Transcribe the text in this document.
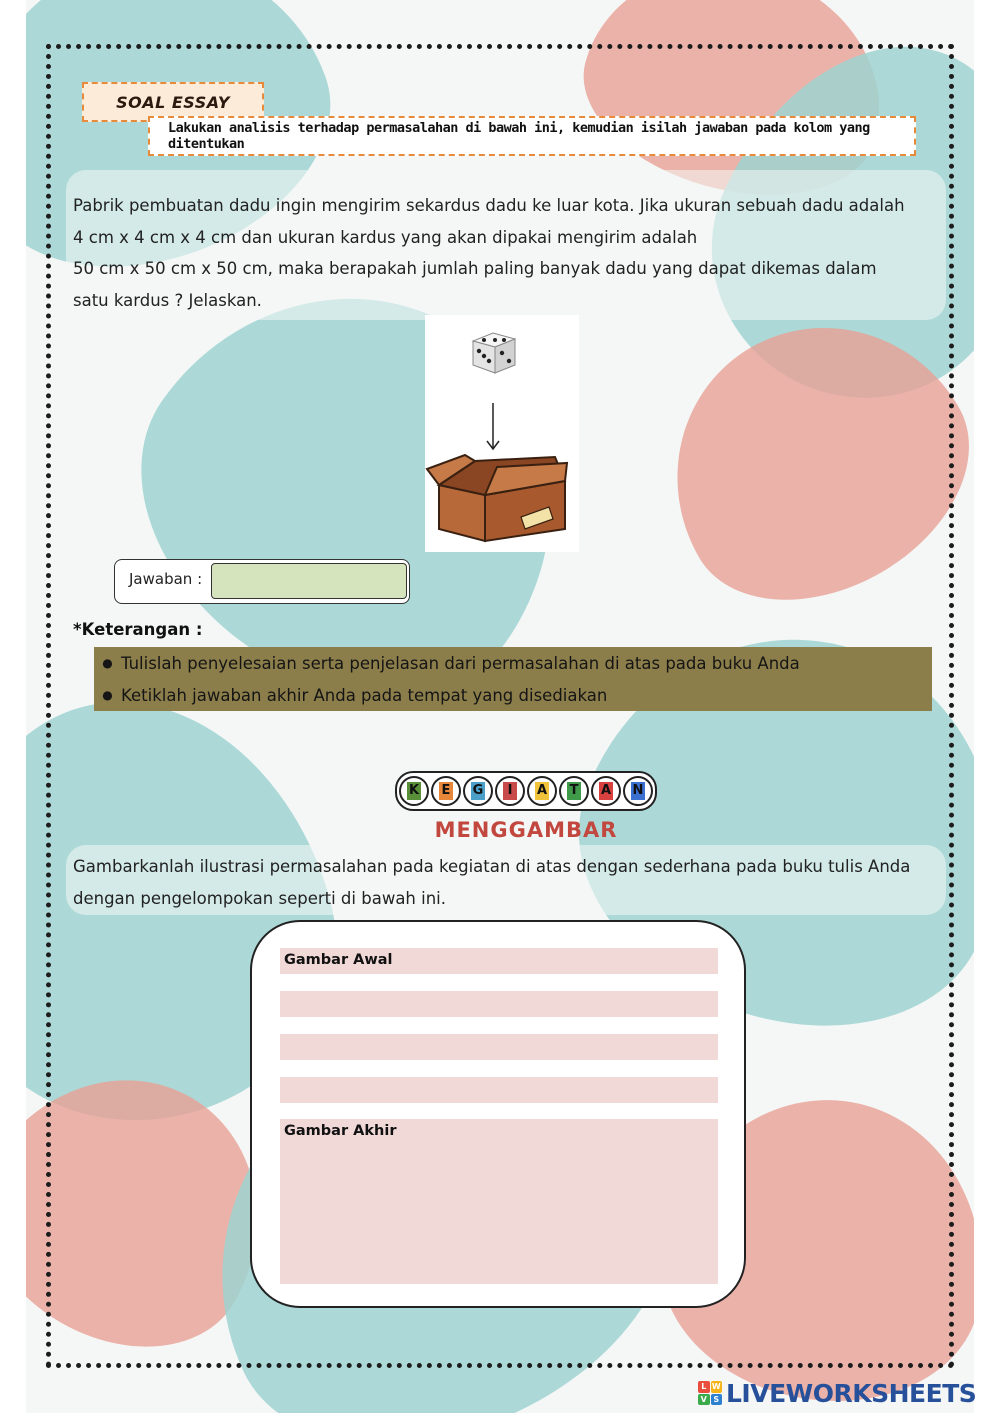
SOAL ESSAY
Lakukan analisis terhadap permasalahan di bawah ini, kemudian isilah jawaban pada kolom yang ditentukan

Pabrik pembuatan dadu ingin mengirim sekardus dadu ke luar kota. Jika ukuran sebuah dadu adalah

4 cm x 4 cm x 4 cm dan ukuran kardus yang akan dipakai mengirim adalah

50 cm x 50 cm x 50 cm, maka berapakah jumlah paling banyak dadu yang dapat dikemas dalam

satu kardus ? Jelaskan.

Jawaban :
*Keterangan :
● Tulislah penyelesaian serta penjelasan dari permasalahan di atas pada buku Anda
● Ketiklah jawaban akhir Anda pada tempat yang disediakan
K E G	I	A T A N
MENGGAMBAR

Gambarkanlah ilustrasi permasalahan pada kegiatan di atas dengan sederhana pada buku tulis Anda

dengan pengelompokan seperti di bawah ini.

Gambar Awal
Gambar Akhir
L W
V S LIVEWORKSHEETS
